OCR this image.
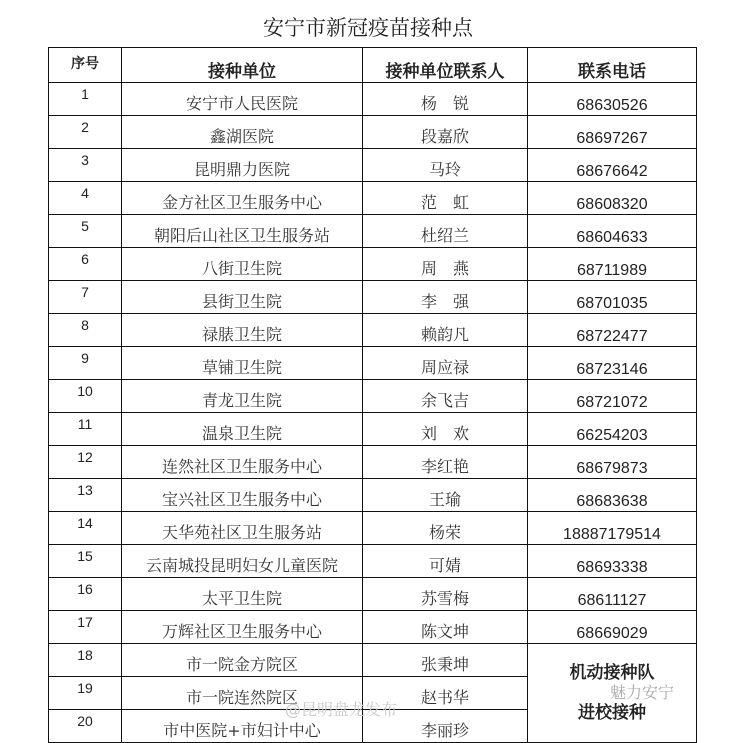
安宁市新冠疫苗接种点
序号	接种单位	接种单位联系人	联系电话
1	安宁市人民医院	杨　锐	68630526
2	鑫湖医院	段嘉欣	68697267
3	昆明鼎力医院	马玲	68676642
4	金方社区卫生服务中心	范　虹	68608320
5	朝阳后山社区卫生服务站	杜绍兰	68604633
6	八街卫生院	周　燕	68711989
7	县街卫生院	李　强	68701035
8	禄脿卫生院	赖韵凡	68722477
9	草铺卫生院	周应禄	68723146
10	青龙卫生院	余飞吉	68721072
11	温泉卫生院	刘　欢	66254203
12	连然社区卫生服务中心	李红艳	68679873
13	宝兴社区卫生服务中心	王瑜	68683638
14	天华苑社区卫生服务站	杨荣	18887179514
15	云南城投昆明妇女儿童医院	可婧	68693338
16	太平卫生院	苏雪梅	68611127
17	万辉社区卫生服务中心	陈文坤	68669029
18	市一院金方院区	张秉坤	机动接种队
进校接种

19	市一院连然院区	赵书华	
20	市中医院+市妇计中心	李丽珍	
@昆明盘龙发布
魅力安宁
